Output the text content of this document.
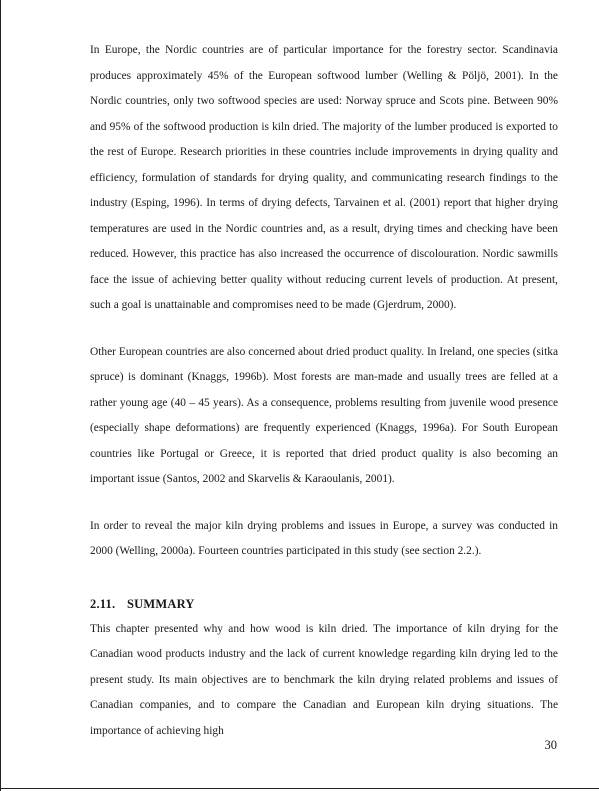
In Europe, the Nordic countries are of particular importance for the forestry sector. Scandinavia produces approximately 45% of the European softwood lumber (Welling & Pöljö, 2001). In the Nordic countries, only two softwood species are used: Norway spruce and Scots pine. Between 90% and 95% of the softwood production is kiln dried. The majority of the lumber produced is exported to the rest of Europe. Research priorities in these countries include improvements in drying quality and efficiency, formulation of standards for drying quality, and communicating research findings to the industry (Esping, 1996). In terms of drying defects, Tarvainen et al. (2001) report that higher drying temperatures are used in the Nordic countries and, as a result, drying times and checking have been reduced. However, this practice has also increased the occurrence of discolouration. Nordic sawmills face the issue of achieving better quality without reducing current levels of production. At present, such a goal is unattainable and compromises need to be made (Gjerdrum, 2000).

Other European countries are also concerned about dried product quality. In Ireland, one species (sitka spruce) is dominant (Knaggs, 1996b). Most forests are man-made and usually trees are felled at a rather young age (40 – 45 years). As a consequence, problems resulting from juvenile wood presence (especially shape deformations) are frequently experienced (Knaggs, 1996a). For South European countries like Portugal or Greece, it is reported that dried product quality is also becoming an important issue (Santos, 2002 and Skarvelis & Karaoulanis, 2001).

In order to reveal the major kiln drying problems and issues in Europe, a survey was conducted in 2000 (Welling, 2000a). Fourteen countries participated in this study (see section 2.2.).

2.11. SUMMARY

This chapter presented why and how wood is kiln dried. The importance of kiln drying for the Canadian wood products industry and the lack of current knowledge regarding kiln drying led to the present study. Its main objectives are to benchmark the kiln drying related problems and issues of Canadian companies, and to compare the Canadian and European kiln drying situations. The importance of achieving high

30
